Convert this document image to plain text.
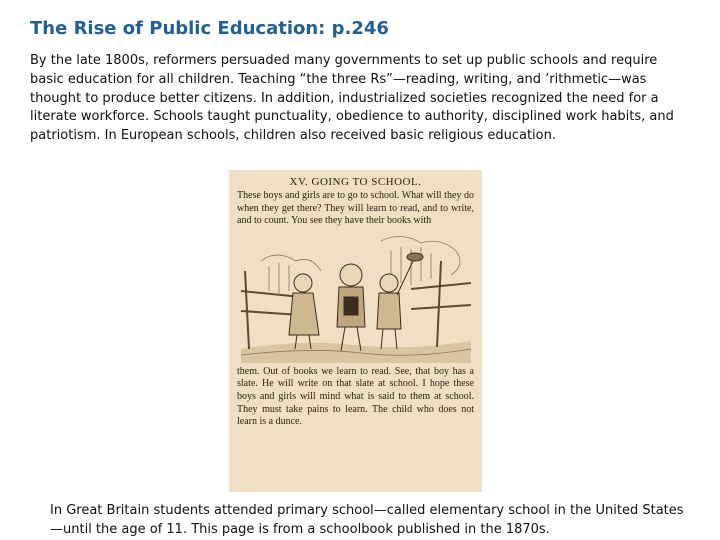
The Rise of Public Education: p.246
By the late 1800s, reformers persuaded many governments to set up public schools and require basic education for all children. Teaching “the three Rs”—reading, writing, and ’rithmetic—was thought to produce better citizens. In addition, industrialized societies recognized the need for a literate workforce. Schools taught punctuality, obedience to authority, disciplined work habits, and patriotism. In European schools, children also received basic religious education.
XV. GOING TO SCHOOL.
These boys and girls are to go to school. What will they do when they get there? They will learn to read, and to write, and to count. You see they have their books with
them. Out of books we learn to read. See, that boy has a slate. He will write on that slate at school. I hope these boys and girls will mind what is said to them at school. They must take pains to learn. The child who does not learn is a dunce.
In Great Britain students attended primary school—called elementary school in the United States—until the age of 11. This page is from a schoolbook published in the 1870s.
